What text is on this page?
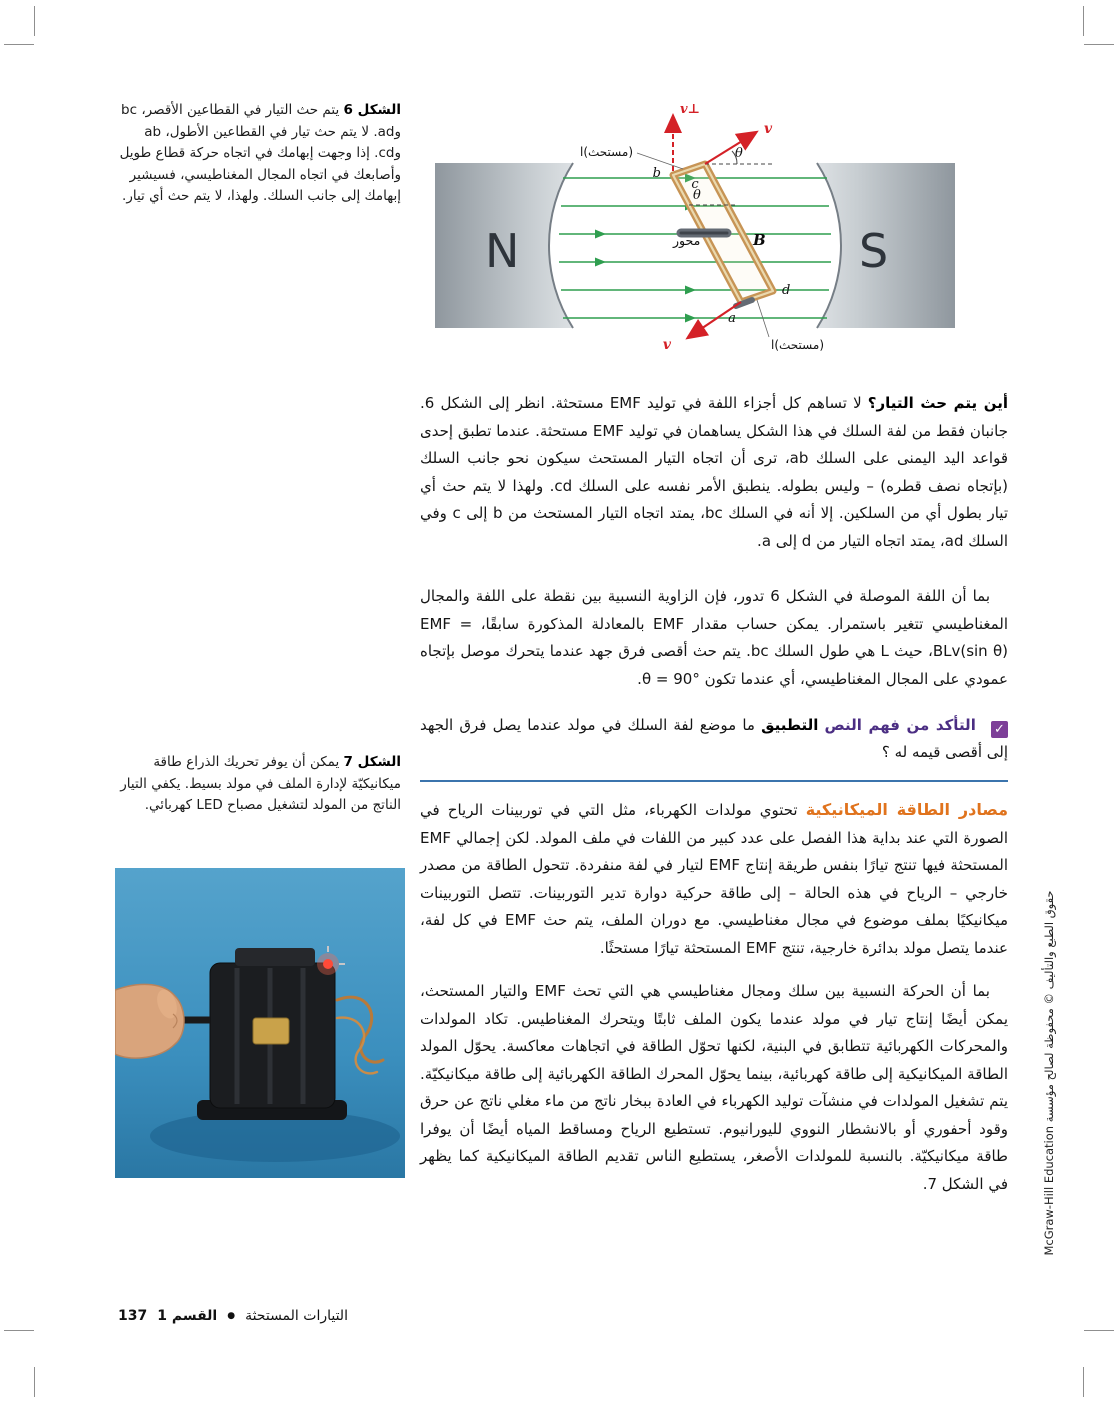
الشكل 6 يتم حث التيار في القطاعين الأقصر، bc وad. لا يتم حث تيار في القطاعين الأطول، ab وcd. إذا وجهت إبهامك في اتجاه حركة قطاع طويل وأصابعك في اتجاه المجال المغناطيسي، فسيشير إبهامك إلى جانب السلك. ولهذا، لا يتم حث أي تيار.
N	S
محور	B
v
v⊥
v
θ
θ
b
c
d
a
l(مستحث)
l(مستحث)

أين يتم حث التيار؟ لا تساهم كل أجزاء اللفة في توليد EMF مستحثة. انظر إلى الشكل 6. جانبان فقط من لفة السلك في هذا الشكل يساهمان في توليد EMF مستحثة. عندما تطبق إحدى قواعد اليد اليمنى على السلك ab، ترى أن اتجاه التيار المستحث سيكون نحو جانب السلك (بإتجاه نصف قطره) – وليس بطوله. ينطبق الأمر نفسه على السلك cd. ولهذا لا يتم حث أي تيار بطول أي من السلكين. إلا أنه في السلك bc، يمتد اتجاه التيار المستحث من b إلى c وفي السلك ad، يمتد اتجاه التيار من d إلى a.

بما أن اللفة الموصلة في الشكل 6 تدور، فإن الزاوية النسبية بين نقطة على اللفة والمجال المغناطيسي تتغير باستمرار. يمكن حساب مقدار EMF بالمعادلة المذكورة سابقًا، EMF = BLv(sin θ)، حيث L هي طول السلك bc. يتم حث أقصى فرق جهد عندما يتحرك موصل بإتجاه عمودي على المجال المغناطيسي، أي عندما تكون θ = 90°.

✓ التأكد من فهم النص التطبيق ما موضع لفة السلك في مولد عندما يصل فرق الجهد إلى أقصى قيمه له ؟

مصادر الطاقة الميكانيكية تحتوي مولدات الكهرباء، مثل التي في توربينات الرياح في الصورة التي عند بداية هذا الفصل على عدد كبير من اللفات في ملف المولد. لكن إجمالي EMF المستحثة فيها تنتج تيارًا بنفس طريقة إنتاج EMF لتيار في لفة منفردة. تتحول الطاقة من مصدر خارجي – الرياح في هذه الحالة – إلى طاقة حركية دوارة تدير التوربينات. تتصل التوربينات ميكانيكيًا بملف موضوع في مجال مغناطيسي. مع دوران الملف، يتم حث EMF في كل لفة، عندما يتصل مولد بدائرة خارجية، تنتج EMF المستحثة تيارًا مستحثًا.

بما أن الحركة النسبية بين سلك ومجال مغناطيسي هي التي تحث EMF والتيار المستحث، يمكن أيضًا إنتاج تيار في مولد عندما يكون الملف ثابتًا ويتحرك المغناطيس. تكاد المولدات والمحركات الكهربائية تتطابق في البنية، لكنها تحوّل الطاقة في اتجاهات معاكسة. يحوّل المولد الطاقة الميكانيكية إلى طاقة كهربائية، بينما يحوّل المحرك الطاقة الكهربائية إلى طاقة ميكانيكيّة. يتم تشغيل المولدات في منشآت توليد الكهرباء في العادة ببخار ناتج من ماء مغلي ناتج عن حرق وقود أحفوري أو بالانشطار النووي لليورانيوم. تستطيع الرياح ومساقط المياه أيضًا أن يوفرا طاقة ميكانيكيّة. بالنسبة للمولدات الأصغر، يستطيع الناس تقديم الطاقة الميكانيكية كما يظهر في الشكل 7.

الشكل 7 يمكن أن يوفر تحريك الذراع طاقة ميكانيكيّة لإدارة الملف في مولد بسيط. يكفي التيار الناتج من المولد لتشغيل مصباح LED كهربائي.
137 القسم 1 ● التيارات المستحثة
حقوق الطبع والتأليف © محفوظة لصالح مؤسسة McGraw-Hill Education
